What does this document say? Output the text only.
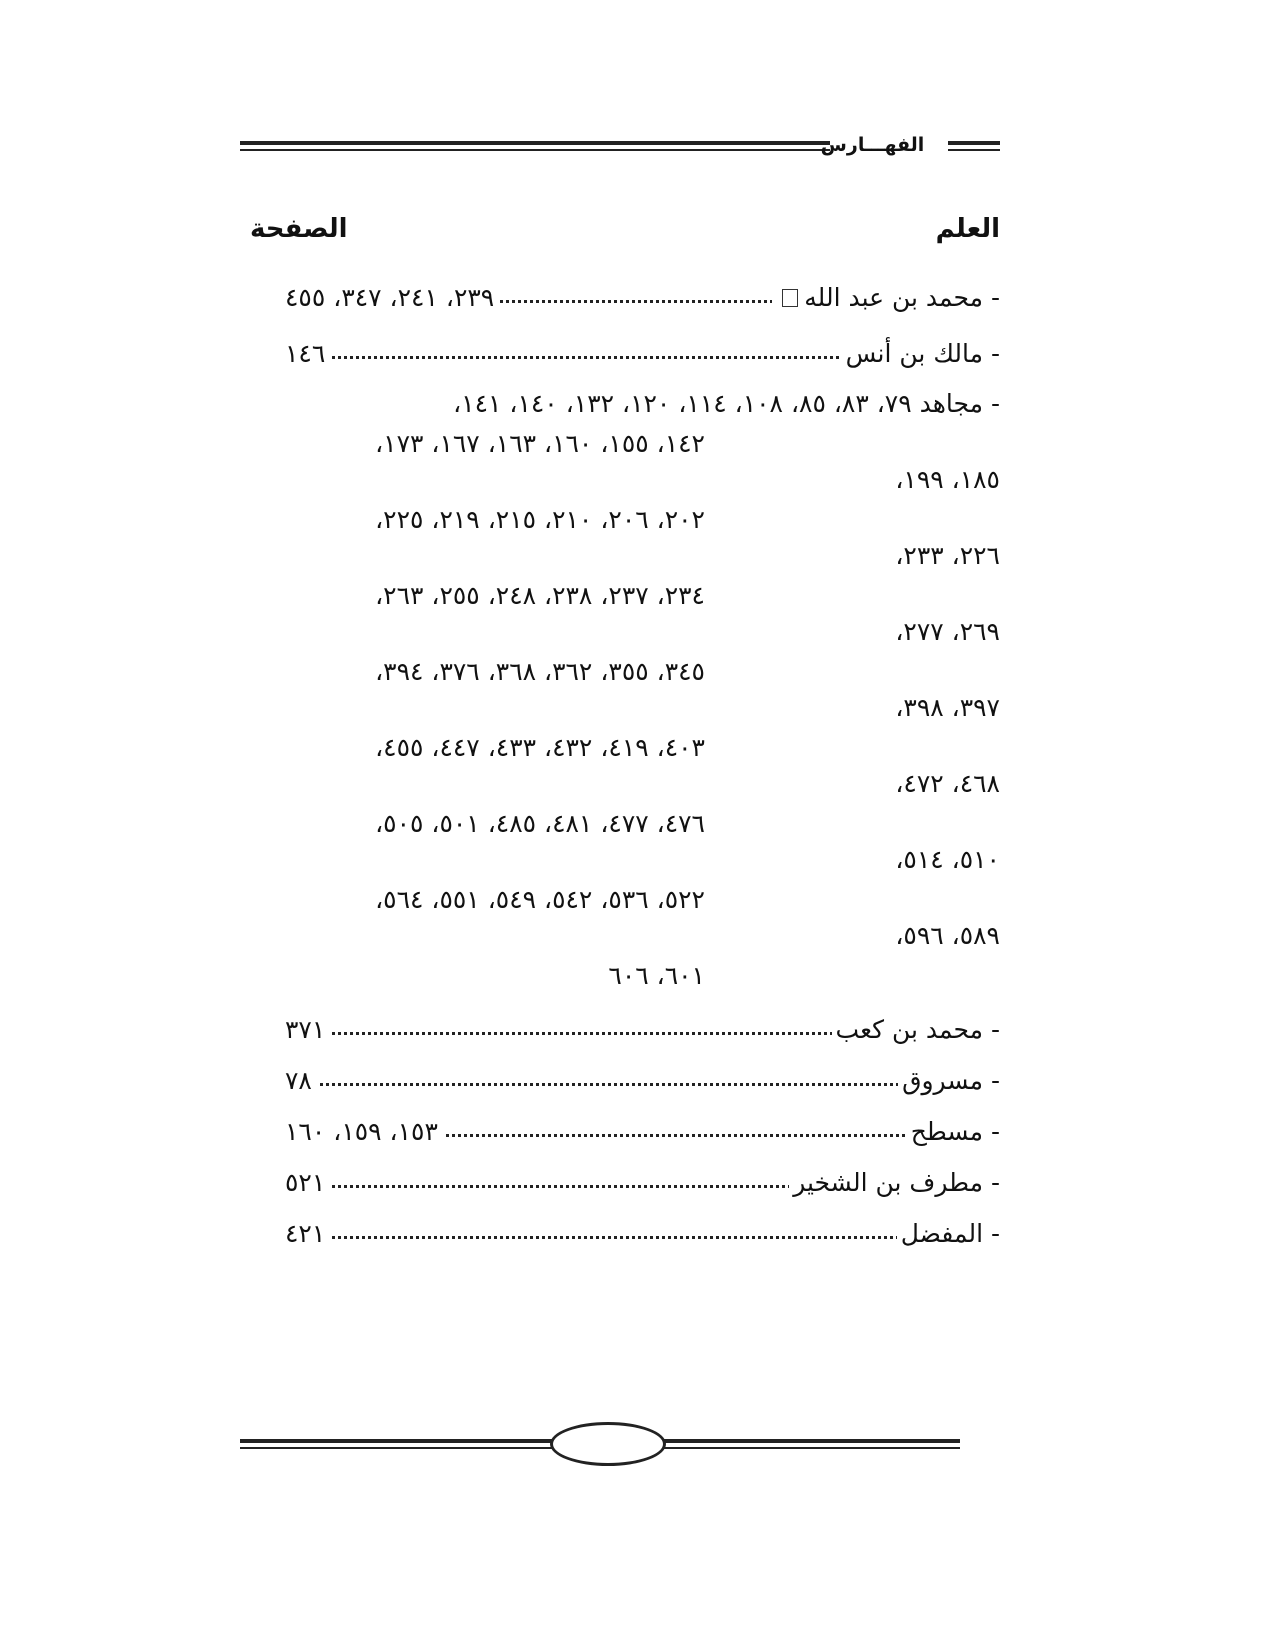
الفهـــارس
العلم
الصفحة
- محمد بن عبد الله
٢٣٩، ٢٤١، ٣٤٧، ٤٥٥
- مالك بن أنس
١٤٦
- مجاهد ٧٩، ٨٣، ٨٥، ١٠٨، ١١٤، ١٢٠، ١٣٢، ١٤٠، ١٤١،
١٤٢، ١٥٥، ١٦٠، ١٦٣، ١٦٧، ١٧٣،
١٨٥، ١٩٩،
٢٠٢، ٢٠٦، ٢١٠، ٢١٥، ٢١٩، ٢٢٥،
٢٢٦، ٢٣٣،
٢٣٤، ٢٣٧، ٢٣٨، ٢٤٨، ٢٥٥، ٢٦٣،
٢٦٩، ٢٧٧،
٣٤٥، ٣٥٥، ٣٦٢، ٣٦٨، ٣٧٦، ٣٩٤،
٣٩٧، ٣٩٨،
٤٠٣، ٤١٩، ٤٣٢، ٤٣٣، ٤٤٧، ٤٥٥،
٤٦٨، ٤٧٢،
٤٧٦، ٤٧٧، ٤٨١، ٤٨٥، ٥٠١، ٥٠٥،
٥١٠، ٥١٤،
٥٢٢، ٥٣٦، ٥٤٢، ٥٤٩، ٥٥١، ٥٦٤،
٥٨٩، ٥٩٦،
٦٠١، ٦٠٦
- محمد بن كعب
٣٧١
- مسروق
٧٨
- مسطح
١٥٣، ١٥٩، ١٦٠
- مطرف بن الشخير
٥٢١
- المفضل
٤٢١
